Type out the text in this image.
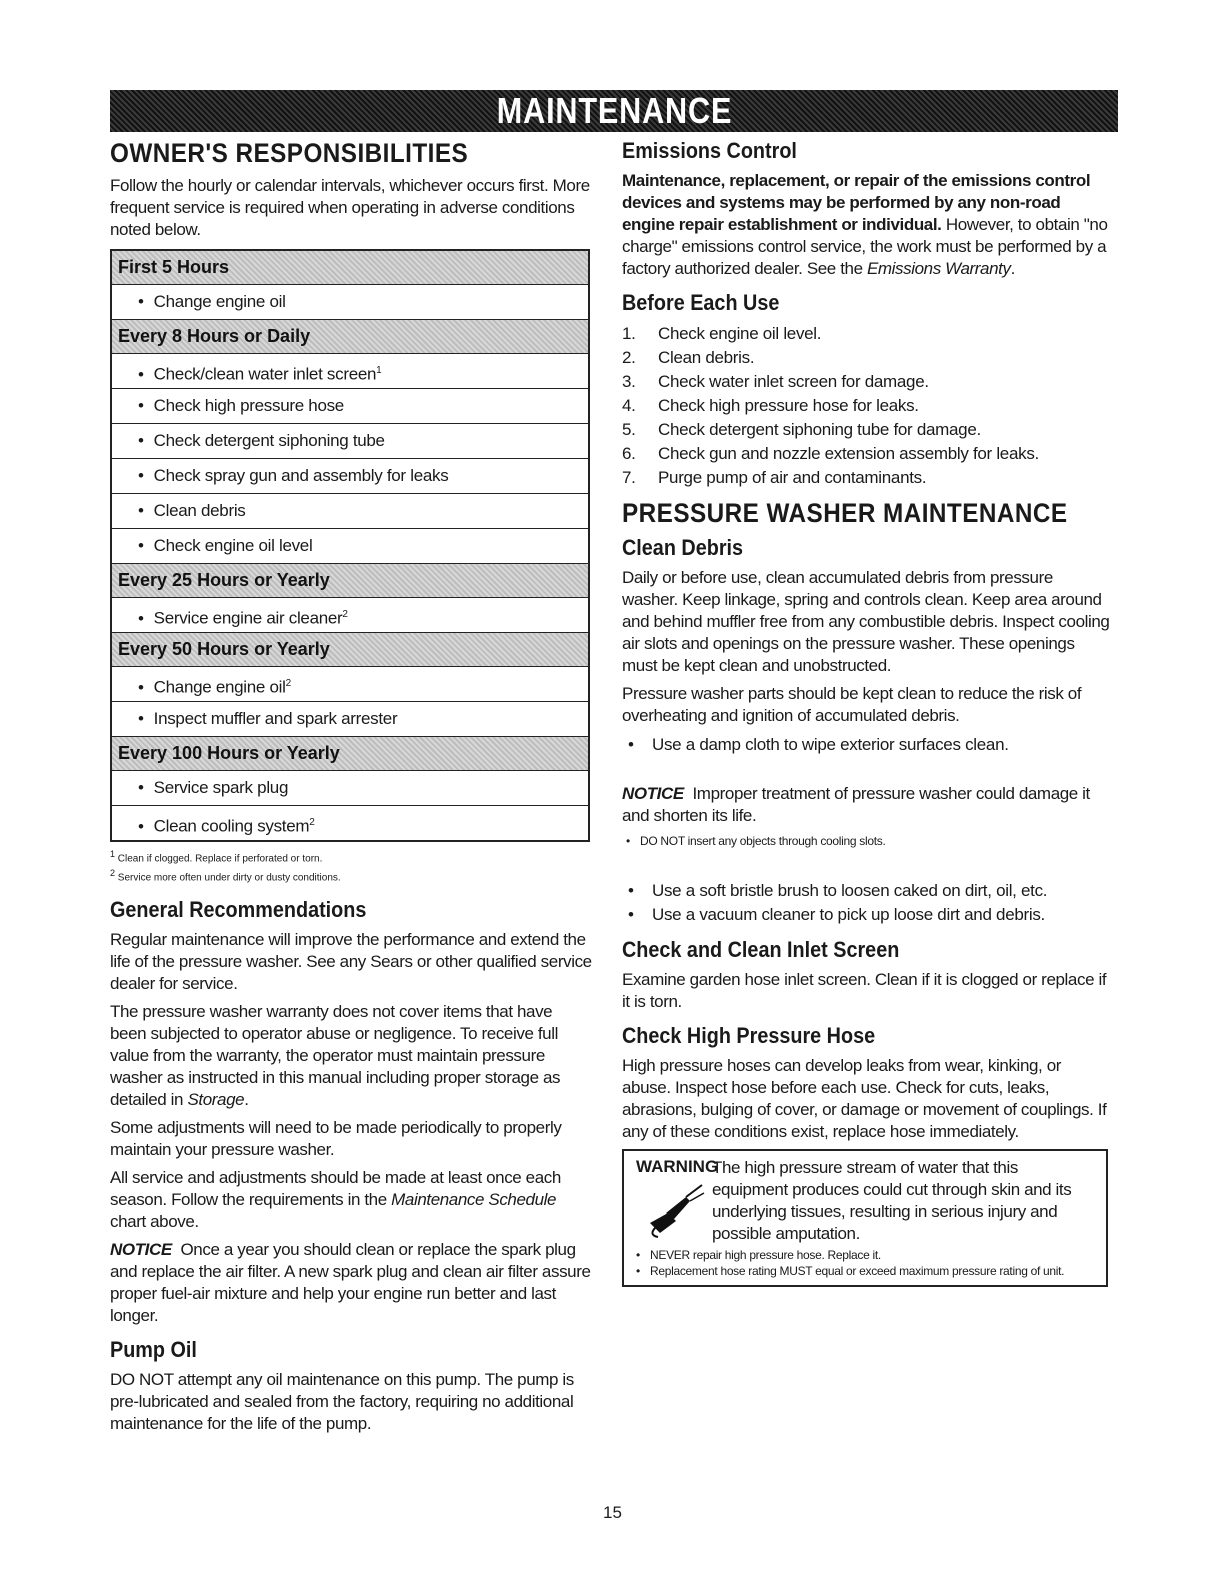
MAINTENANCE
OWNER'S RESPONSIBILITIES

Follow the hourly or calendar intervals, whichever occurs first. More frequent service is required when operating in adverse conditions noted below.

First 5 Hours
• Change engine oil
Every 8 Hours or Daily
• Check/clean water inlet screen$^1$
• Check high pressure hose
• Check detergent siphoning tube
• Check spray gun and assembly for leaks
• Clean debris
• Check engine oil level
Every 25 Hours or Yearly
• Service engine air cleaner$^2$
Every 50 Hours or Yearly
• Change engine oil$^2$
• Inspect muffler and spark arrester
Every 100 Hours or Yearly
• Service spark plug
• Clean cooling system$^2$
$^1$ Clean if clogged. Replace if perforated or torn.
$^2$ Service more often under dirty or dusty conditions.
General Recommendations

Regular maintenance will improve the performance and extend the life of the pressure washer. See any Sears or other qualified service dealer for service.

The pressure washer warranty does not cover items that have been subjected to operator abuse or negligence. To receive full value from the warranty, the operator must maintain pressure washer as instructed in this manual including proper storage as detailed in Storage.

Some adjustments will need to be made periodically to properly maintain your pressure washer.

All service and adjustments should be made at least once each season. Follow the requirements in the Maintenance Schedule chart above.

NOTICE Once a year you should clean or replace the spark plug and replace the air filter. A new spark plug and clean air filter assure proper fuel-air mixture and help your engine run better and last longer.

Pump Oil

DO NOT attempt any oil maintenance on this pump. The pump is pre-lubricated and sealed from the factory, requiring no additional maintenance for the life of the pump.

Emissions Control

Maintenance, replacement, or repair of the emissions control devices and systems may be performed by any non-road engine repair establishment or individual. However, to obtain "no charge" emissions control service, the work must be performed by a factory authorized dealer. See the Emissions Warranty.

Before Each Use
1. Check engine oil level.
2. Clean debris.
3. Check water inlet screen for damage.
4. Check high pressure hose for leaks.
5. Check detergent siphoning tube for damage.
6. Check gun and nozzle extension assembly for leaks.
7. Purge pump of air and contaminants.
PRESSURE WASHER MAINTENANCE
Clean Debris

Daily or before use, clean accumulated debris from pressure washer. Keep linkage, spring and controls clean. Keep area around and behind muffler free from any combustible debris. Inspect cooling air slots and openings on the pressure washer. These openings must be kept clean and unobstructed.

Pressure washer parts should be kept clean to reduce the risk of overheating and ignition of accumulated debris.

• Use a damp cloth to wipe exterior surfaces clean.

NOTICE Improper treatment of pressure washer could damage it and shorten its life.

• DO NOT insert any objects through cooling slots.
• Use a soft bristle brush to loosen caked on dirt, oil, etc.
• Use a vacuum cleaner to pick up loose dirt and debris.
Check and Clean Inlet Screen

Examine garden hose inlet screen. Clean if it is clogged or replace if it is torn.

Check High Pressure Hose

High pressure hoses can develop leaks from wear, kinking, or abuse. Inspect hose before each use. Check for cuts, leaks, abrasions, bulging of cover, or damage or movement of couplings. If any of these conditions exist, replace hose immediately.

WARNING

The high pressure stream of water that this equipment produces could cut through skin and its underlying tissues, resulting in serious injury and possible amputation.

• NEVER repair high pressure hose. Replace it.
• Replacement hose rating MUST equal or exceed maximum pressure rating of unit.
15
